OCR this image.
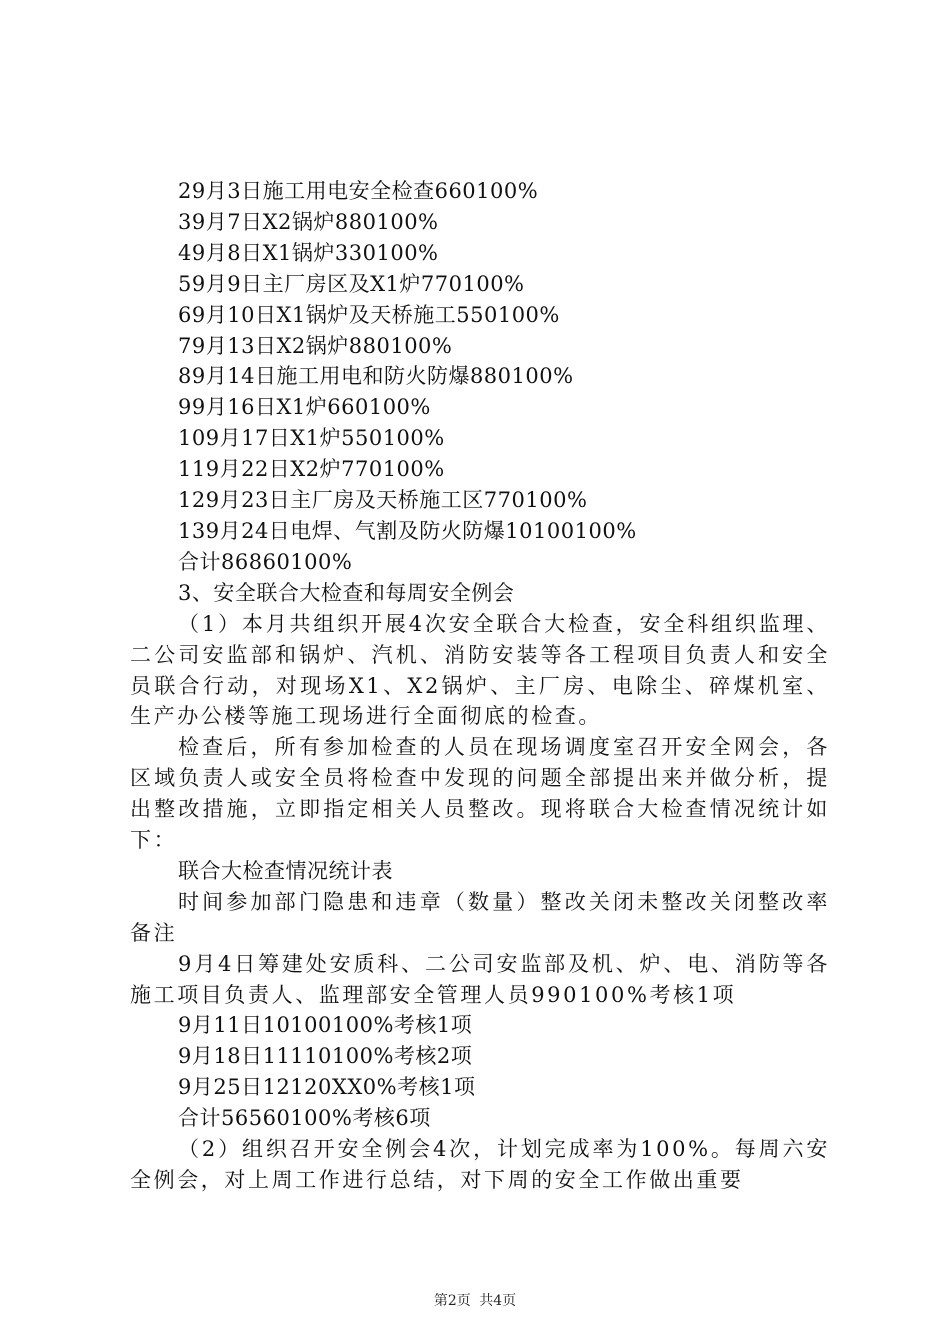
29月3日施工用电安全检查660100%
39月7日X2锅炉880100%
49月8日X1锅炉330100%
59月9日主厂房区及X1炉770100%
69月10日X1锅炉及天桥施工550100%
79月13日X2锅炉880100%
89月14日施工用电和防火防爆880100%
99月16日X1炉660100%
109月17日X1炉550100%
119月22日X2炉770100%
129月23日主厂房及天桥施工区770100%
139月24日电焊、气割及防火防爆10100100%
合计86860100%
3、安全联合大检查和每周安全例会
（1）本月共组织开展4次安全联合大检查，安全科组织监理、二公司安监部和锅炉、汽机、消防安装等各工程项目负责人和安全员联合行动，对现场X1、X2锅炉、主厂房、电除尘、碎煤机室、生产办公楼等施工现场进行全面彻底的检查。
检查后，所有参加检查的人员在现场调度室召开安全网会，各区域负责人或安全员将检查中发现的问题全部提出来并做分析，提出整改措施，立即指定相关人员整改。现将联合大检查情况统计如下：
联合大检查情况统计表
时间参加部门隐患和违章（数量）整改关闭未整改关闭整改率备注
9月4日筹建处安质科、二公司安监部及机、炉、电、消防等各施工项目负责人、监理部安全管理人员990100%考核1项
9月11日10100100%考核1项
9月18日11110100%考核2项
9月25日12120XX0%考核1项
合计56560100%考核6项
（2）组织召开安全例会4次，计划完成率为100%。每周六安全例会，对上周工作进行总结，对下周的安全工作做出重要
第2页 共4页
